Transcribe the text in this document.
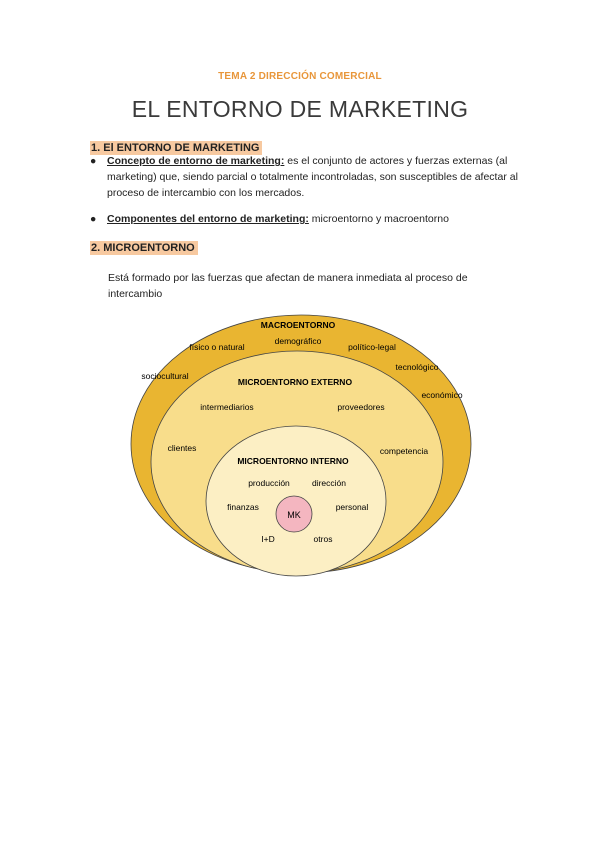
TEMA 2 DIRECCIÓN COMERCIAL
EL ENTORNO DE MARKETING
1. El ENTORNO DE MARKETING
●	Concepto de entorno de marketing: es el conjunto de actores y fuerzas externas (al marketing) que, siendo parcial o totalmente incontroladas, son susceptibles de afectar al proceso de intercambio con los mercados.
●	Componentes del entorno de marketing: microentorno y macroentorno
2. MICROENTORNO
Está formado por las fuerzas que afectan de manera inmediata al proceso de intercambio
MACROENTORNO
físico o natural
demográfico
político-legal
sociocultural
tecnológico
económico
MICROENTORNO EXTERNO
intermediarios	proveedores
clientes	competencia
MICROENTORNO INTERNO
producción	dirección
finanzas	personal
I+D	otros
MK
